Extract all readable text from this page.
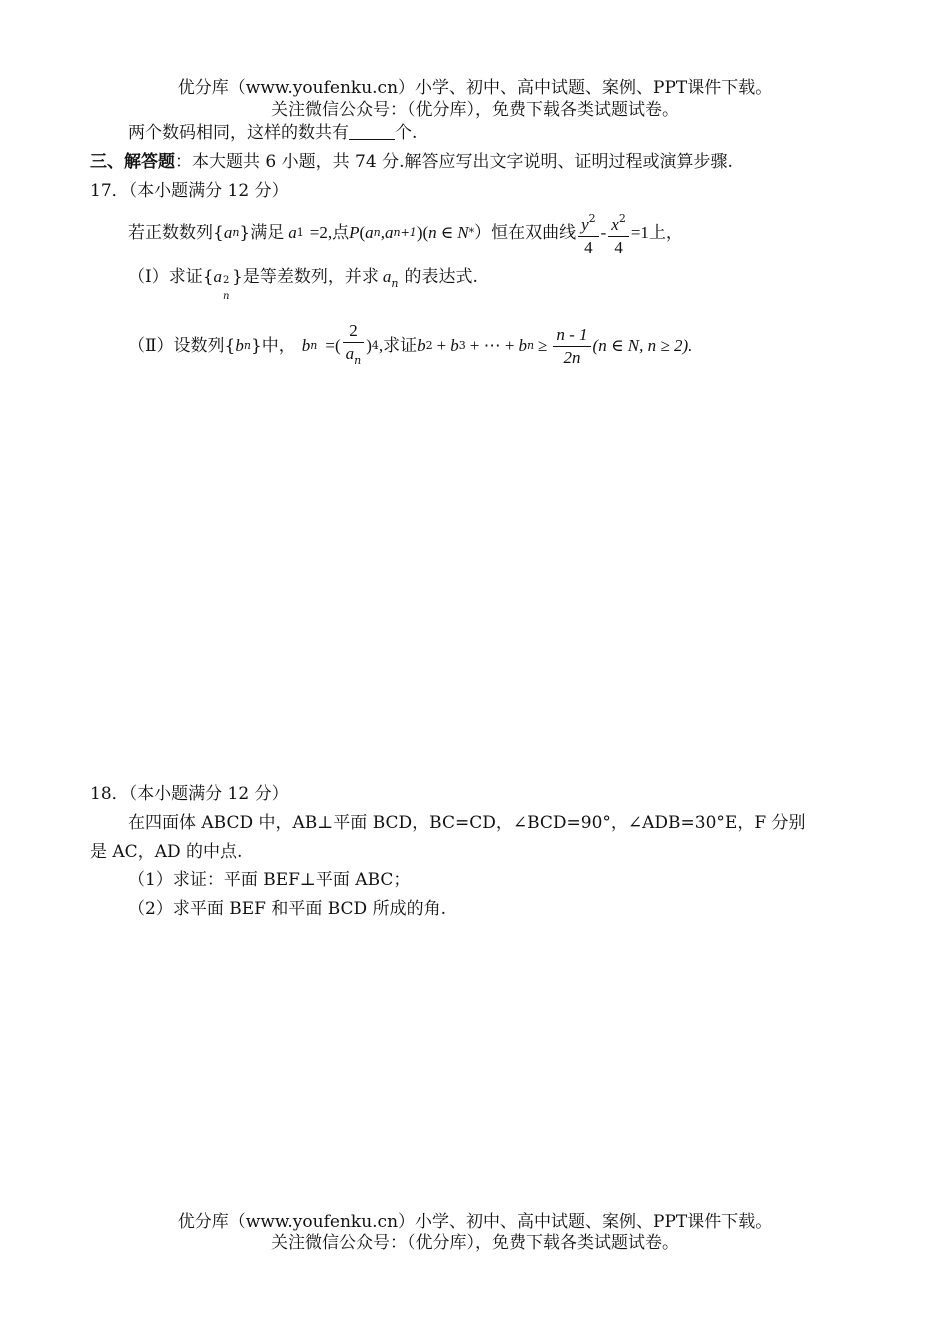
优分库（www.youfenku.cn）小学、初中、高中试题、案例、PPT课件下载。
关注微信公众号：（优分库），免费下载各类试题试卷。
两个数码相同，这样的数共有	个.
三、解答题：本大题共 6 小题，共 74 分.解答应写出文字说明、证明过程或演算步骤.
17．（本小题满分 12 分）
若正数数列{ a n }满足 a 1 =2, 点 P ( a n , a n+1 )( n ∈ N * ）恒在双曲线 $\frac{y^2}{4} - \frac{x^2}{4} =1$ 上，
（Ⅰ）求证{a 2
n
}是等差数列，并求 $a_n$ 的表达式.
（Ⅱ）设数列{ b n }中， b n =( $\frac{2}{a_n}$ ) 4 , 求证 b 2 + b 3 + ⋯ + b $n \ge \frac{n - 1}{2n} (n$ ∈ N, n ≥ 2).
18．（本小题满分 12 分）
在四面体 ABCD 中，AB⊥平面 BCD，BC=CD，∠BCD=90°，∠ADB=30°E，F 分别
是 AC，AD 的中点.
（1）求证：平面 BEF⊥平面 ABC；
（2）求平面 BEF 和平面 BCD 所成的角.
优分库（www.youfenku.cn）小学、初中、高中试题、案例、PPT课件下载。
关注微信公众号：（优分库），免费下载各类试题试卷。
